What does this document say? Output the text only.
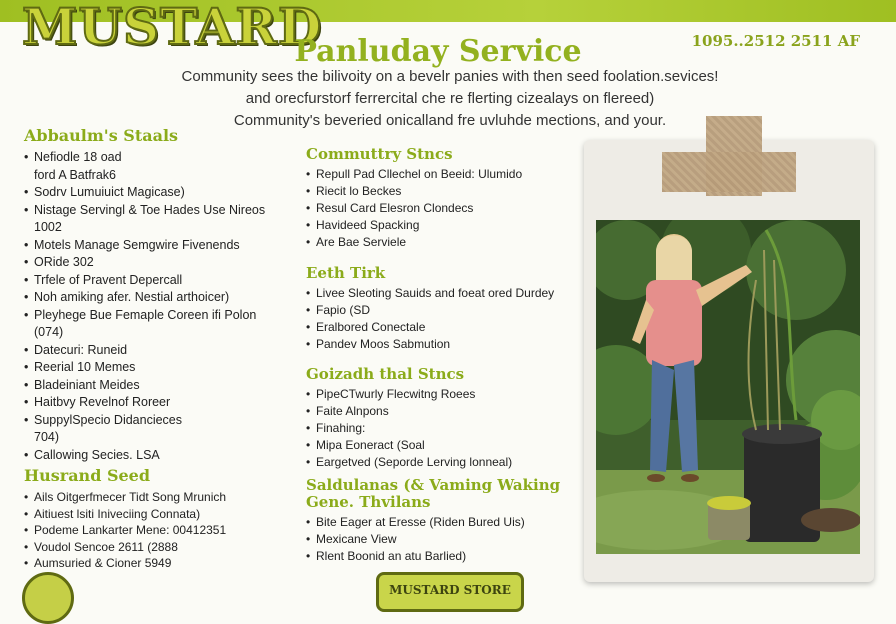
MUSTARD	1095..2512 2511 AF
Panluday Service
Community sees the bilivoity on a bevelr panies with then seed foolation.sevices!
and orecfurstorf ferrercital che re flerting cizealays on flereed)
Community's beveried onicalland fre uvluhde mections, and your.
Abbaulm's Staals
• Nefiodle 18 oad
ford A Batfrak6
• Sodrv Lumuiuict Magicase)
• Nistage Servingl & Toe Hades Use Nireos
1002
• Motels Manage Semgwire Fivenends
• ORide 302
• Trfele of Pravent Depercall
• Noh amiking afer. Nestial arthoicer)
• Pleyhege Bue Femaple Coreen ifi Polon
(074)
• Datecuri: Runeid
• Reerial 10 Memes
• Bladeiniant Meides
• Haitbvy Revelnof Roreer
• SuppylSpecio Didancieces
704)
• Callowing Secies. LSA
Husrand Seed
• Ails Oitgerfmecer Tidt Song Mrunich
• Aitiuest lsiti Iniveciing Connata)
• Podeme Lankarter Mene: 00412351
• Voudol Sencoe 2611 (2888
• Aumsuried & Cioner 5949
Commuttry Stncs
• Repull Pad Cllechel on Beeid: Ulumido
• Riecit lo Beckes
• Resul Card Elesron Clondecs
• Havideed Spacking
• Are Bae Serviele
Eeth Tirk
• Livee Sleoting Sauids and foeat ored Durdey
• Fapio (SD
• Eralbored Conectale
• Pandev Moos Sabmution
Goizadh thal Stncs
• PipeCTwurly Flecwitng Roees
• Faite Alnpons
• Finahing:
• Mipa Eoneract (Soal
• Eargetved (Seporde Lerving lonneal)
Saldulanas (& Vaming Waking Gene. Thvilans
• Bite Eager at Eresse (Riden Bured Uis)
• Mexicane View
• Rlent Boonid an atu Barlied)
MUSTARD STORE
